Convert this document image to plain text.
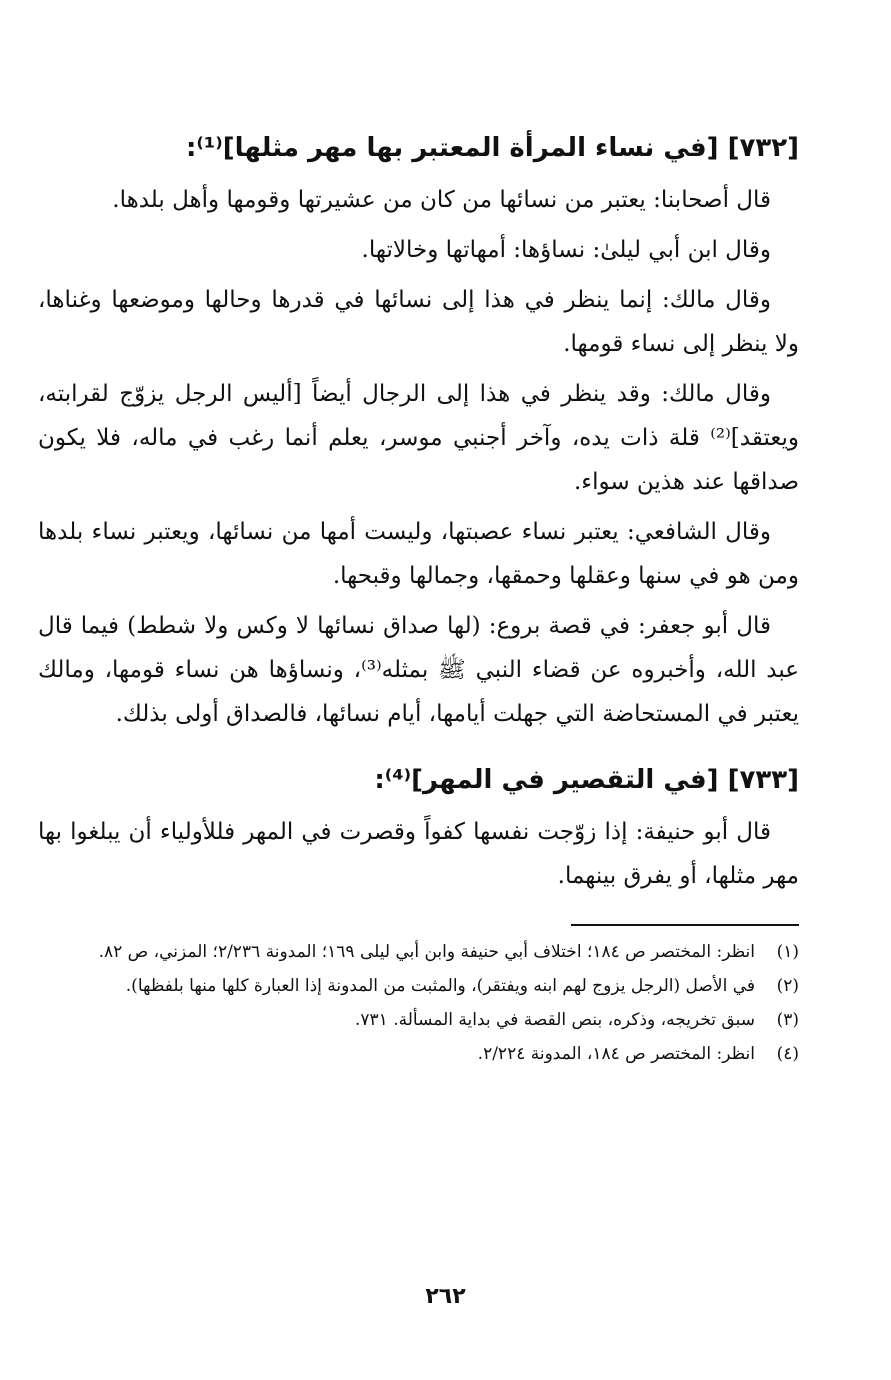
[٧٣٢] [في نساء المرأة المعتبر بها مهر مثلها]⁽¹⁾:

قال أصحابنا: يعتبر من نسائها من كان من عشيرتها وقومها وأهل بلدها.

وقال ابن أبي ليلىٰ: نساؤها: أمهاتها وخالاتها.

وقال مالك: إنما ينظر في هذا إلى نسائها في قدرها وحالها وموضعها وغناها، ولا ينظر إلى نساء قومها.

وقال مالك: وقد ينظر في هذا إلى الرجال أيضاً [أليس الرجل يزوّج لقرابته، ويعتقد]⁽²⁾ قلة ذات يده، وآخر أجنبي موسر، يعلم أنما رغب في ماله، فلا يكون صداقها عند هذين سواء.

وقال الشافعي: يعتبر نساء عصبتها، وليست أمها من نسائها، ويعتبر نساء بلدها ومن هو في سنها وعقلها وحمقها، وجمالها وقبحها.

قال أبو جعفر: في قصة بروع: (لها صداق نسائها لا وكس ولا شطط) فيما قال عبد الله، وأخبروه عن قضاء النبي ﷺ بمثله⁽³⁾، ونساؤها هن نساء قومها، ومالك يعتبر في المستحاضة التي جهلت أيامها، أيام نسائها، فالصداق أولى بذلك.

[٧٣٣] [في التقصير في المهر]⁽⁴⁾:

قال أبو حنيفة: إذا زوّجت نفسها كفواً وقصرت في المهر فللأولياء أن يبلغوا بها مهر مثلها، أو يفرق بينهما.

(١)
انظر: المختصر ص ١٨٤؛ اختلاف أبي حنيفة وابن أبي ليلى ١٦٩؛ المدونة ٢/٢٣٦؛ المزني، ص ٨٢.
(٢)
في الأصل (الرجل يزوج لهم ابنه ويفتقر)، والمثبت من المدونة إذا العبارة كلها منها بلفظها).
(٣)
سبق تخريجه، وذكره، بنص القصة في بداية المسألة. ٧٣١.
(٤)
انظر: المختصر ص ١٨٤، المدونة ٢/٢٢٤.
٢٦٢
